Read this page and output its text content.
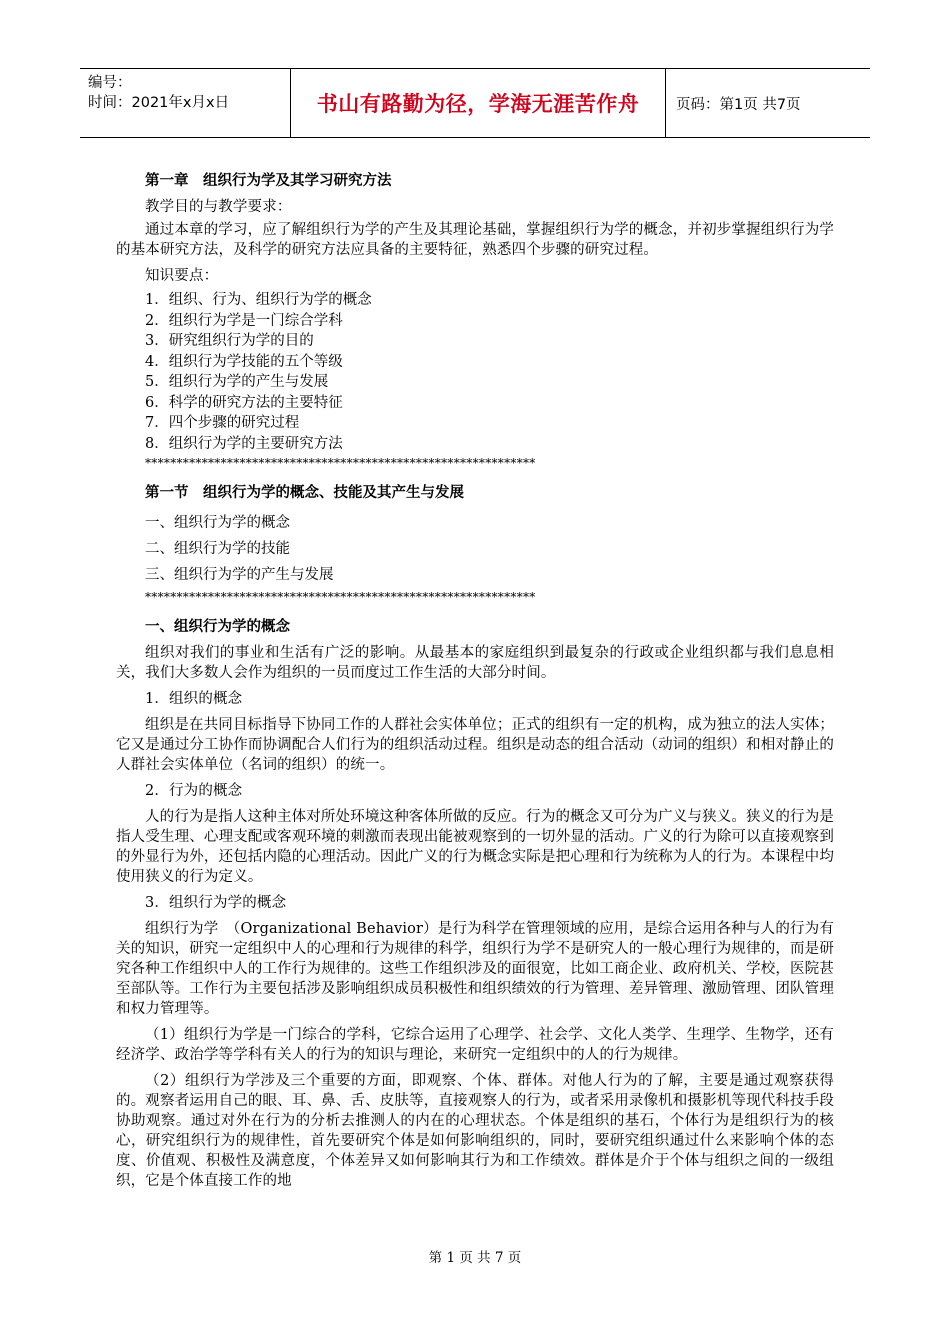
编号：
时间：2021年x月x日	书山有路勤为径，学海无涯苦作舟	页码：第1页 共7页

第一章　组织行为学及其学习研究方法

教学目的与教学要求：

通过本章的学习，应了解组织行为学的产生及其理论基础，掌握组织行为学的概念，并初步掌握组织行为学的基本研究方法，及科学的研究方法应具备的主要特征，熟悉四个步骤的研究过程。

知识要点：

1．组织、行为、组织行为学的概念

2．组织行为学是一门综合学科

3．研究组织行为学的目的

4．组织行为学技能的五个等级

5．组织行为学的产生与发展

6．科学的研究方法的主要特征

7．四个步骤的研究过程

8．组织行为学的主要研究方法

**************************************************************

第一节　组织行为学的概念、技能及其产生与发展

一、组织行为学的概念

二、组织行为学的技能

三、组织行为学的产生与发展

**************************************************************

一、组织行为学的概念

组织对我们的事业和生活有广泛的影响。从最基本的家庭组织到最复杂的行政或企业组织都与我们息息相关，我们大多数人会作为组织的一员而度过工作生活的大部分时间。

1．组织的概念

组织是在共同目标指导下协同工作的人群社会实体单位；正式的组织有一定的机构，成为独立的法人实体；它又是通过分工协作而协调配合人们行为的组织活动过程。组织是动态的组合活动（动词的组织）和相对静止的人群社会实体单位（名词的组织）的统一。

2．行为的概念

人的行为是指人这种主体对所处环境这种客体所做的反应。行为的概念又可分为广义与狭义。狭义的行为是指人受生理、心理支配或客观环境的刺激而表现出能被观察到的一切外显的活动。广义的行为除可以直接观察到的外显行为外，还包括内隐的心理活动。因此广义的行为概念实际是把心理和行为统称为人的行为。本课程中均使用狭义的行为定义。

3．组织行为学的概念

组织行为学　（Organizational Behavior）是行为科学在管理领域的应用，是综合运用各种与人的行为有关的知识，研究一定组织中人的心理和行为规律的科学，组织行为学不是研究人的一般心理行为规律的，而是研究各种工作组织中人的工作行为规律的。这些工作组织涉及的面很宽，比如工商企业、政府机关、学校，医院甚至部队等。工作行为主要包括涉及影响组织成员积极性和组织绩效的行为管理、差异管理、激励管理、团队管理和权力管理等。

（1）组织行为学是一门综合的学科，它综合运用了心理学、社会学、文化人类学、生理学、生物学，还有经济学、政治学等学科有关人的行为的知识与理论，来研究一定组织中的人的行为规律。

（2）组织行为学涉及三个重要的方面，即观察、个体、群体。对他人行为的了解，主要是通过观察获得的。观察者运用自己的眼、耳、鼻、舌、皮肤等，直接观察人的行为，或者采用录像机和摄影机等现代科技手段协助观察。通过对外在行为的分析去推测人的内在的心理状态。个体是组织的基石，个体行为是组织行为的核心，研究组织行为的规律性，首先要研究个体是如何影响组织的，同时，要研究组织通过什么来影响个体的态度、价值观、积极性及满意度，个体差异又如何影响其行为和工作绩效。群体是介于个体与组织之间的一级组织，它是个体直接工作的地

第 1 页 共 7 页
